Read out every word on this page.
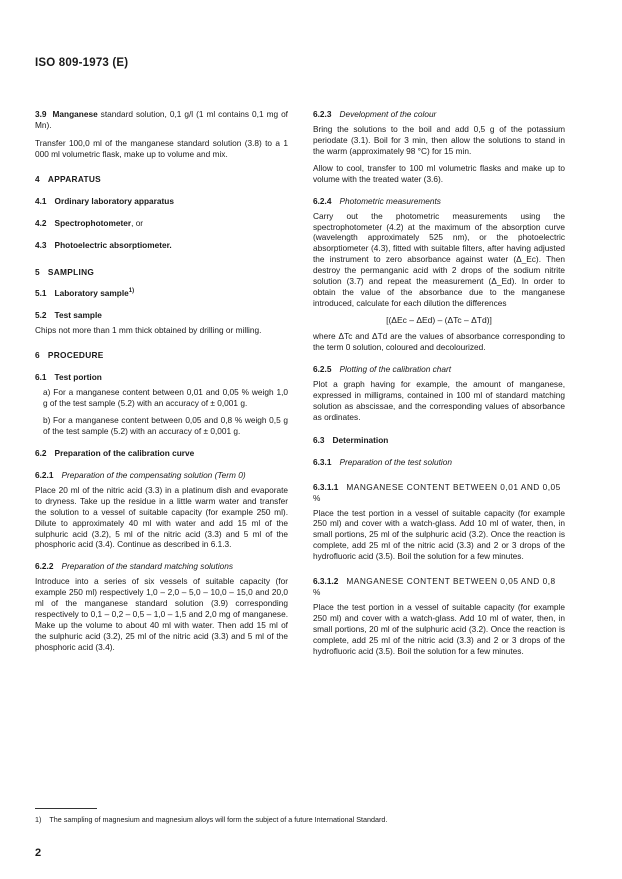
ISO 809-1973 (E)

3.9 Manganese standard solution, 0,1 g/l (1 ml contains 0,1 mg of Mn).

Transfer 100,0 ml of the manganese standard solution (3.8) to a 1 000 ml volumetric flask, make up to volume and mix.

4 APPARATUS
4.1 Ordinary laboratory apparatus
4.2 Spectrophotometer, or
4.3 Photoelectric absorptiometer.
5 SAMPLING
5.1 Laboratory sample$^{1)}$
5.2 Test sample

Chips not more than 1 mm thick obtained by drilling or milling.

6 PROCEDURE
6.1 Test portion

a) For a manganese content between 0,01 and 0,05 % weigh 1,0 g of the test sample (5.2) with an accuracy of ± 0,001 g.

b) For a manganese content between 0,05 and 0,8 % weigh 0,5 g of the test sample (5.2) with an accuracy of ± 0,001 g.

6.2 Preparation of the calibration curve
6.2.1 Preparation of the compensating solution (Term 0)

Place 20 ml of the nitric acid (3.3) in a platinum dish and evaporate to dryness. Take up the residue in a little warm water and transfer the solution to a vessel of suitable capacity (for example 250 ml). Dilute to approximately 40 ml with water and add 15 ml of the sulphuric acid (3.2), 5 ml of the nitric acid (3.3) and 5 ml of the phosphoric acid (3.4). Continue as described in 6.1.3.

6.2.2 Preparation of the standard matching solutions

Introduce into a series of six vessels of suitable capacity (for example 250 ml) respectively 1,0 – 2,0 – 5,0 – 10,0 – 15,0 and 20,0 ml of the manganese standard solution (3.9) corresponding respectively to 0,1 – 0,2 – 0,5 – 1,0 – 1,5 and 2,0 mg of manganese. Make up the volume to about 40 ml with water. Then add 15 ml of the sulphuric acid (3.2), 25 ml of the nitric acid (3.3) and 5 ml of the phosphoric acid (3.4).

6.2.3 Development of the colour

Bring the solutions to the boil and add 0,5 g of the potassium periodate (3.1). Boil for 3 min, then allow the solutions to stand in the warm (approximately 98 °C) for 15 min.

Allow to cool, transfer to 100 ml volumetric flasks and make up to volume with the treated water (3.6).

6.2.4 Photometric measurements

Carry out the photometric measurements using the spectrophotometer (4.2) at the maximum of the absorption curve (wavelength approximately 525 nm), or the photoelectric absorptiometer (4.3), fitted with suitable filters, after having adjusted the instrument to zero absorbance against water (Δ_Ec). Then destroy the permanganic acid with 2 drops of the sodium nitrite solution (3.7) and repeat the measurement (Δ_Ed). In order to obtain the value of the absorbance due to the manganese introduced, calculate for each dilution the differences

[(ΔEc – ΔEd) – (ΔTc – ΔTd)]

where ΔTc and ΔTd are the values of absorbance corresponding to the term 0 solution, coloured and decolourized.

6.2.5 Plotting of the calibration chart

Plot a graph having for example, the amount of manganese, expressed in milligrams, contained in 100 ml of standard matching solution as abscissae, and the corresponding values of absorbance as ordinates.

6.3 Determination
6.3.1 Preparation of the test solution
6.3.1.1 MANGANESE CONTENT BETWEEN 0,01 AND 0,05 %

Place the test portion in a vessel of suitable capacity (for example 250 ml) and cover with a watch-glass. Add 10 ml of water, then, in small portions, 25 ml of the sulphuric acid (3.2). Once the reaction is complete, add 25 ml of the nitric acid (3.3) and 2 or 3 drops of the hydrofluoric acid (3.5). Boil the solution for a few minutes.

6.3.1.2 MANGANESE CONTENT BETWEEN 0,05 AND 0,8 %

Place the test portion in a vessel of suitable capacity (for example 250 ml) and cover with a watch-glass. Add 10 ml of water, then, in small portions, 20 ml of the sulphuric acid (3.2). Once the reaction is complete, add 25 ml of the nitric acid (3.3) and 2 or 3 drops of the hydrofluoric acid (3.5). Boil the solution for a few minutes.

1) The sampling of magnesium and magnesium alloys will form the subject of a future International Standard.
2
